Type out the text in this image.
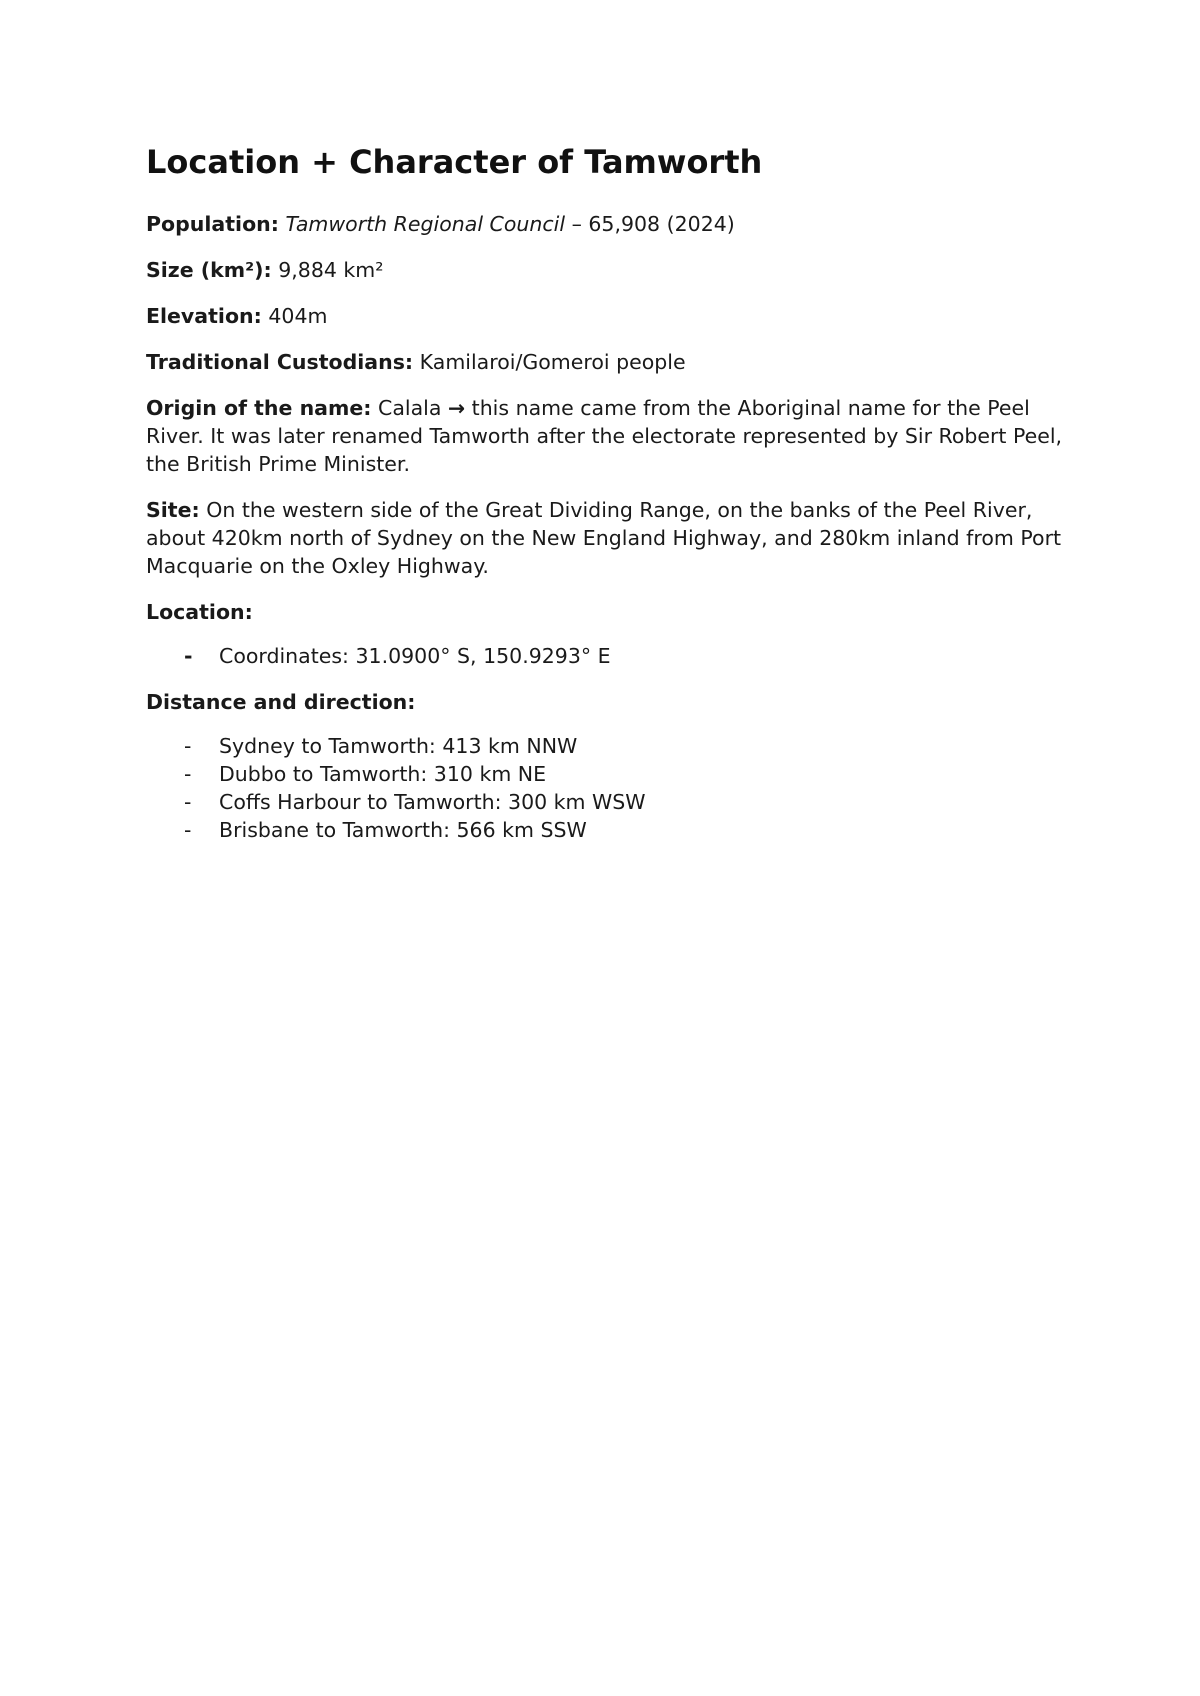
Location + Character of Tamworth

Population: Tamworth Regional Council – 65,908 (2024)

Size (km²): 9,884 km²

Elevation: 404m

Traditional Custodians: Kamilaroi/Gomeroi people

Origin of the name: Calala → this name came from the Aboriginal name for the Peel River. It was later renamed Tamworth after the electorate represented by Sir Robert Peel, the British Prime Minister.

Site: On the western side of the Great Dividing Range, on the banks of the Peel River, about 420km north of Sydney on the New England Highway, and 280km inland from Port Macquarie on the Oxley Highway.

Location:

- Coordinates: 31.0900° S, 150.9293° E

Distance and direction:

- Sydney to Tamworth: 413 km NNW
- Dubbo to Tamworth: 310 km NE
- Coffs Harbour to Tamworth: 300 km WSW
- Brisbane to Tamworth: 566 km SSW
